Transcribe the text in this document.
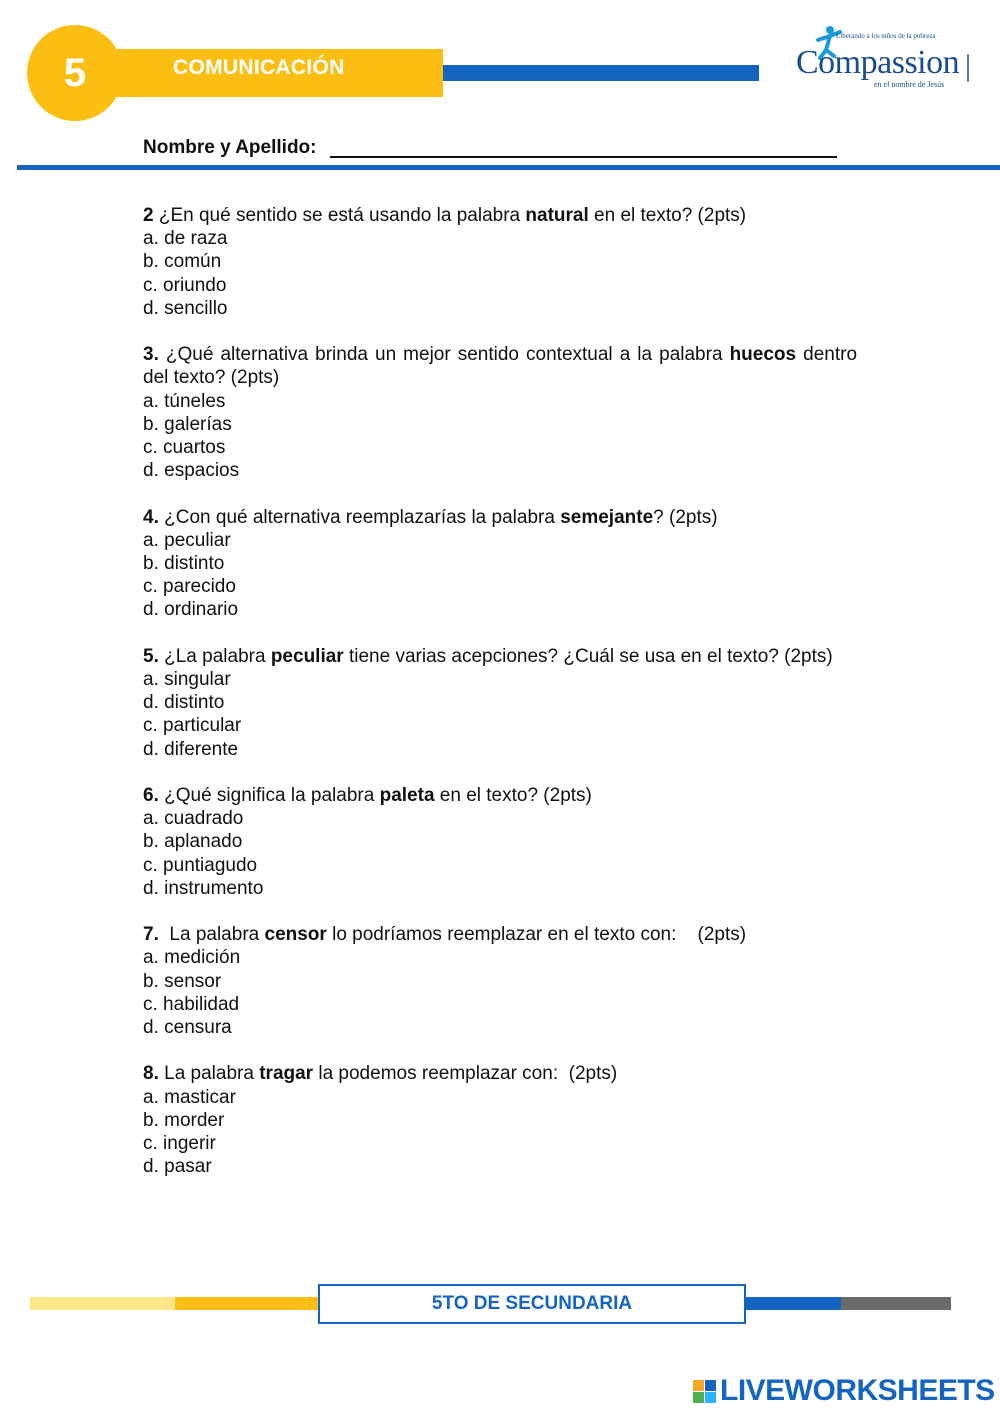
5	COMUNICACIÓN
Liberando a los niños de la pobreza
Compassion
en el nombre de Jesús
Nombre y Apellido:
2 ¿En qué sentido se está usando la palabra natural en el texto? (2pts)
a. de raza
b. común
c. oriundo
d. sencillo
3. ¿Qué alternativa brinda un mejor sentido contextual a la palabra huecos dentro del texto? (2pts)
a. túneles
b. galerías
c. cuartos
d. espacios
4. ¿Con qué alternativa reemplazarías la palabra semejante? (2pts)
a. peculiar
b. distinto
c. parecido
d. ordinario
5. ¿La palabra peculiar tiene varias acepciones? ¿Cuál se usa en el texto? (2pts)
a. singular
d. distinto
c. particular
d. diferente
6. ¿Qué significa la palabra paleta en el texto? (2pts)
a. cuadrado
b. aplanado
c. puntiagudo
d. instrumento
7.  La palabra censor lo podríamos reemplazar en el texto con:    (2pts)
a. medición
b. sensor
c. habilidad
d. censura
8. La palabra tragar la podemos reemplazar con:  (2pts)
a. masticar
b. morder
c. ingerir
d. pasar
5TO DE SECUNDARIA
LIVEWORKSHEETS
